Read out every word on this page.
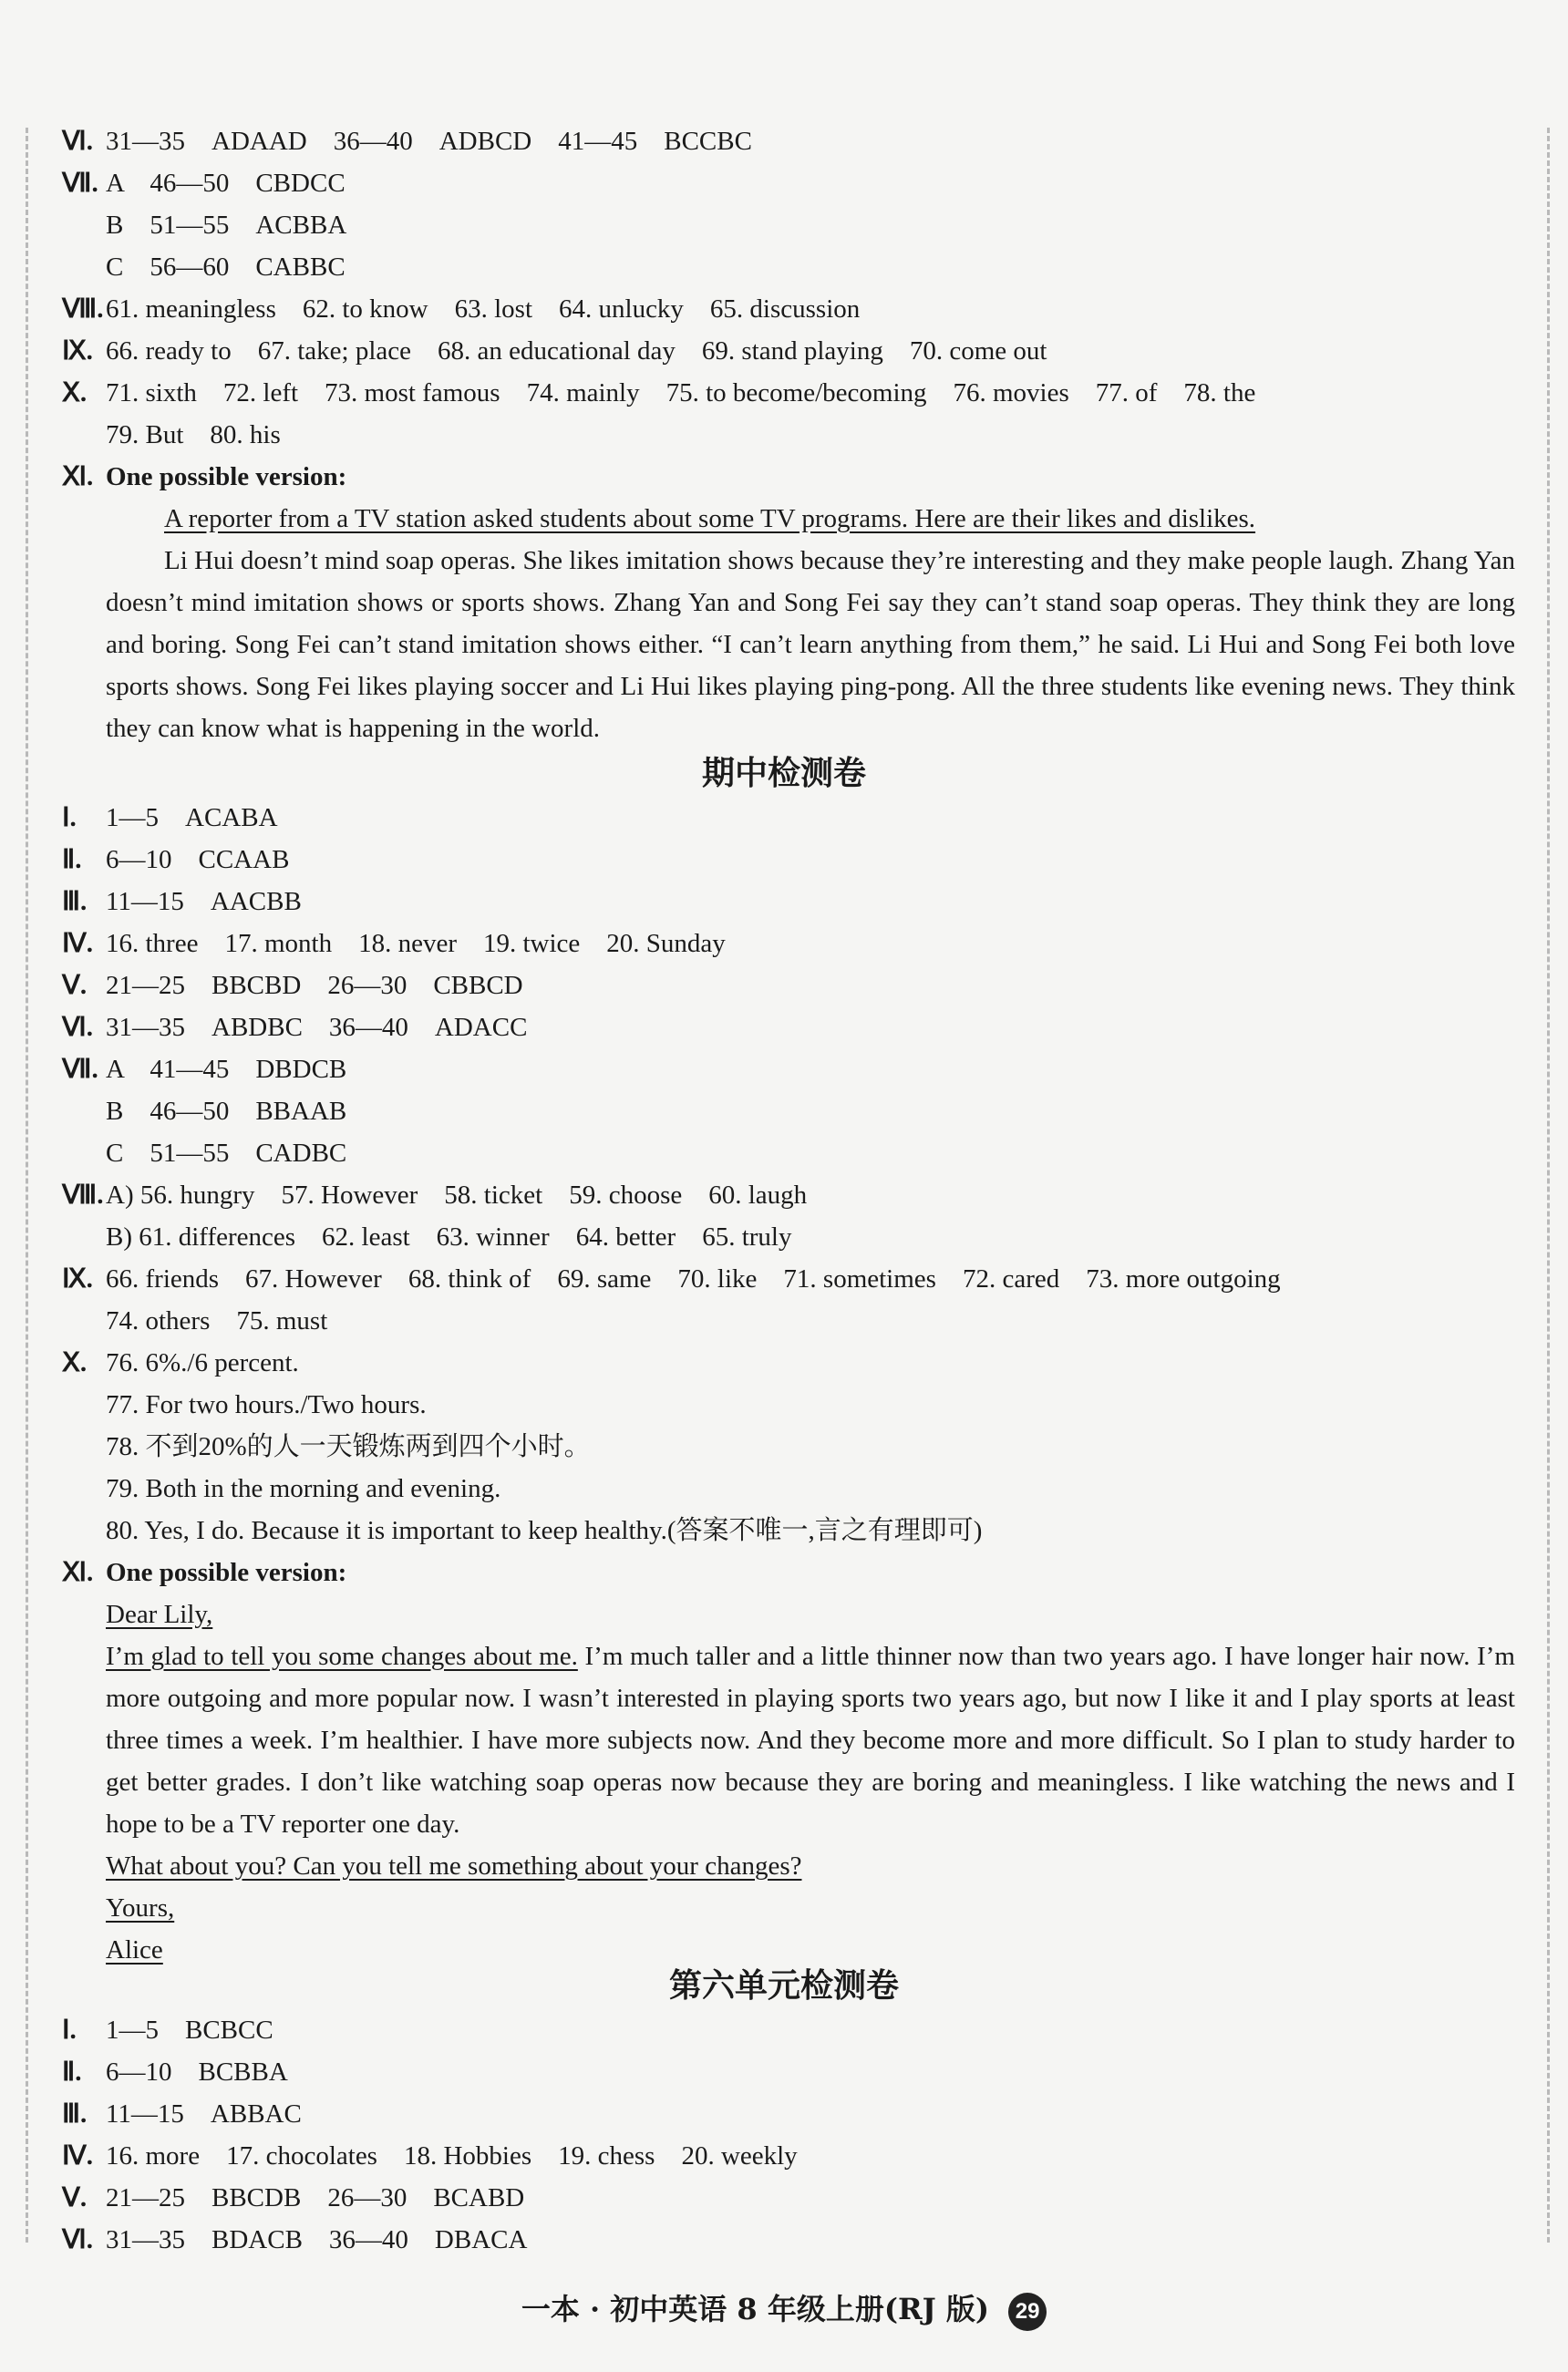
Ⅵ. 31—35　ADAAD　36—40　ADBCD　41—45　BCCBC
Ⅶ. A　46—50　CBDCC
B　51—55　ACBBA
C　56—60　CABBC
Ⅷ.61. meaningless　62. to know　63. lost　64. unlucky　65. discussion
Ⅸ. 66. ready to　67. take; place　68. an educational day　69. stand playing　70. come out
Ⅹ. 71. sixth　72. left　73. most famous　74. mainly　75. to become/becoming　76. movies　77. of　78. the
79. But　80. his
Ⅺ. One possible version:
A reporter from a TV station asked students about some TV programs. Here are their likes and dislikes.
Li Hui doesn’t mind soap operas. She likes imitation shows because they’re interesting and they make people laugh. Zhang Yan doesn’t mind imitation shows or sports shows. Zhang Yan and Song Fei say they can’t stand soap operas. They think they are long and boring. Song Fei can’t stand imitation shows either. “I can’t learn anything from them,” he said. Li Hui and Song Fei both love sports shows. Song Fei likes playing soccer and Li Hui likes playing ping-pong. All the three students like evening news. They think they can know what is happening in the world.
期中检测卷
Ⅰ. 1—5　ACABA
Ⅱ. 6—10　CCAAB
Ⅲ. 11—15　AACBB
Ⅳ. 16. three　17. month　18. never　19. twice　20. Sunday
Ⅴ. 21—25　BBCBD　26—30　CBBCD
Ⅵ. 31—35　ABDBC　36—40　ADACC
Ⅶ. A　41—45　DBDCB
B　46—50　BBAAB
C　51—55　CADBC
Ⅷ.A) 56. hungry　57. However　58. ticket　59. choose　60. laugh
B) 61. differences　62. least　63. winner　64. better　65. truly
Ⅸ. 66. friends　67. However　68. think of　69. same　70. like　71. sometimes　72. cared　73. more outgoing
74. others　75. must
Ⅹ. 76. 6%./6 percent.
77. For two hours./Two hours.
78. 不到20%的人一天锻炼两到四个小时。
79. Both in the morning and evening.
80. Yes, I do. Because it is important to keep healthy.(答案不唯一,言之有理即可)
Ⅺ. One possible version:
Dear Lily,
I’m glad to tell you some changes about me. I’m much taller and a little thinner now than two years ago. I have longer hair now. I’m more outgoing and more popular now. I wasn’t interested in playing sports two years ago, but now I like it and I play sports at least three times a week. I’m healthier. I have more subjects now. And they become more and more difficult. So I plan to study harder to get better grades. I don’t like watching soap operas now because they are boring and meaningless. I like watching the news and I hope to be a TV reporter one day.
What about you? Can you tell me something about your changes?
Yours,
Alice
第六单元检测卷
Ⅰ. 1—5　BCBCC
Ⅱ. 6—10　BCBBA
Ⅲ. 11—15　ABBAC
Ⅳ. 16. more　17. chocolates　18. Hobbies　19. chess　20. weekly
Ⅴ. 21—25　BBCDB　26—30　BCABD
Ⅵ. 31—35　BDACB　36—40　DBACA
一本 · 初中英语 8 年级上册(RJ 版) 29
